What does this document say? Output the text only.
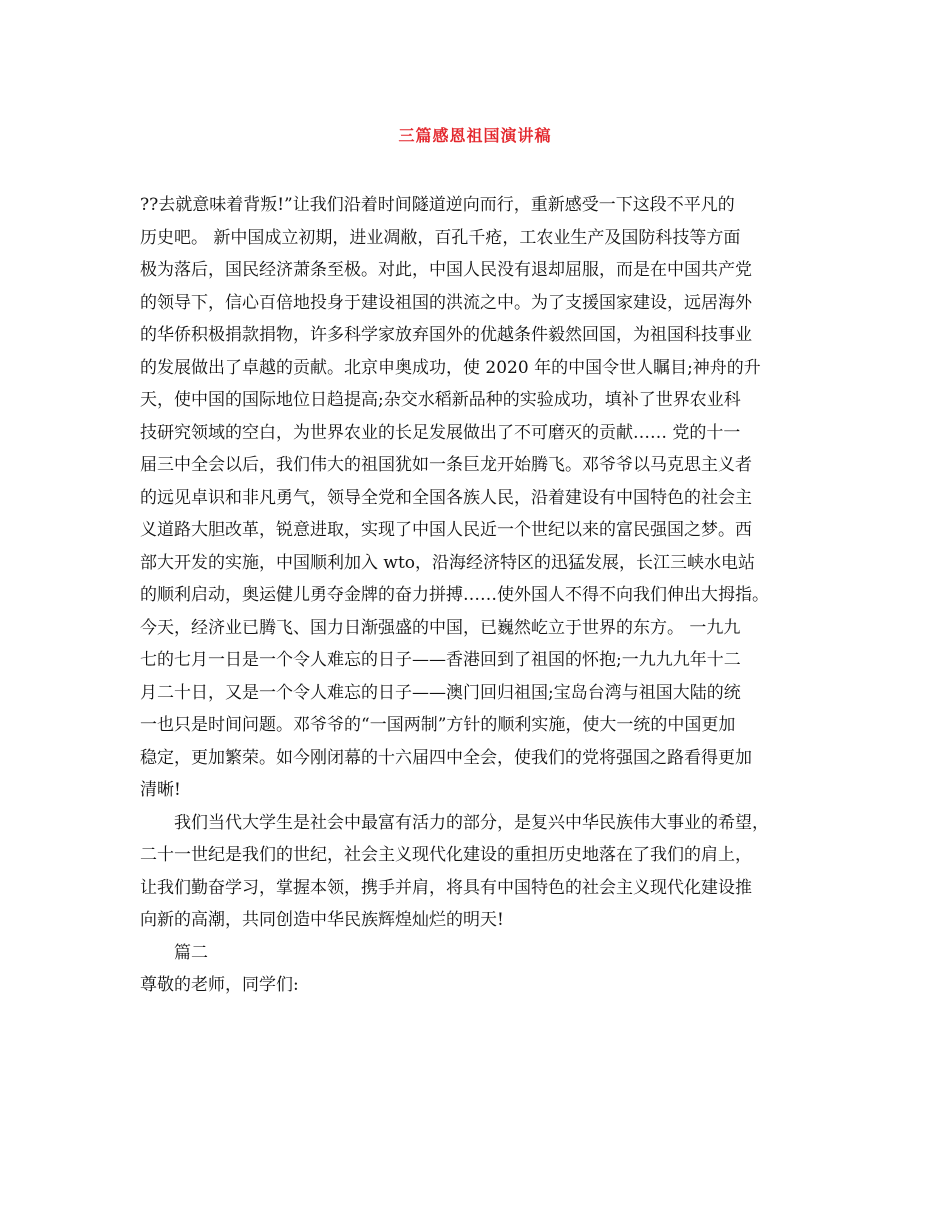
三篇感恩祖国演讲稿
??去就意味着背叛!”让我们沿着时间隧道逆向而行，重新感受一下这段不平凡的
历史吧。 新中国成立初期，进业凋敝，百孔千疮，工农业生产及国防科技等方面
极为落后，国民经济萧条至极。对此，中国人民没有退却屈服，而是在中国共产党
的领导下，信心百倍地投身于建设祖国的洪流之中。为了支援国家建设，远居海外
的华侨积极捐款捐物，许多科学家放弃国外的优越条件毅然回国，为祖国科技事业
的发展做出了卓越的贡献。北京申奥成功，使 2020 年的中国令世人瞩目;神舟的升
天，使中国的国际地位日趋提高;杂交水稻新品种的实验成功，填补了世界农业科
技研究领域的空白，为世界农业的长足发展做出了不可磨灭的贡献…… 党的十一
届三中全会以后，我们伟大的祖国犹如一条巨龙开始腾飞。邓爷爷以马克思主义者
的远见卓识和非凡勇气，领导全党和全国各族人民，沿着建设有中国特色的社会主
义道路大胆改革，锐意进取，实现了中国人民近一个世纪以来的富民强国之梦。西
部大开发的实施，中国顺利加入 wto，沿海经济特区的迅猛发展，长江三峡水电站
的顺利启动，奥运健儿勇夺金牌的奋力拼搏……使外国人不得不向我们伸出大拇指。
今天，经济业已腾飞、国力日渐强盛的中国，已巍然屹立于世界的东方。 一九九
七的七月一日是一个令人难忘的日子——香港回到了祖国的怀抱;一九九九年十二
月二十日，又是一个令人难忘的日子——澳门回归祖国;宝岛台湾与祖国大陆的统
一也只是时间问题。邓爷爷的“一国两制”方针的顺利实施，使大一统的中国更加
稳定，更加繁荣。如今刚闭幕的十六届四中全会，使我们的党将强国之路看得更加
清晰!
我们当代大学生是社会中最富有活力的部分，是复兴中华民族伟大事业的希望，
二十一世纪是我们的世纪，社会主义现代化建设的重担历史地落在了我们的肩上，
让我们勤奋学习，掌握本领，携手并肩，将具有中国特色的社会主义现代化建设推
向新的高潮，共同创造中华民族辉煌灿烂的明天!
篇二
尊敬的老师，同学们:
